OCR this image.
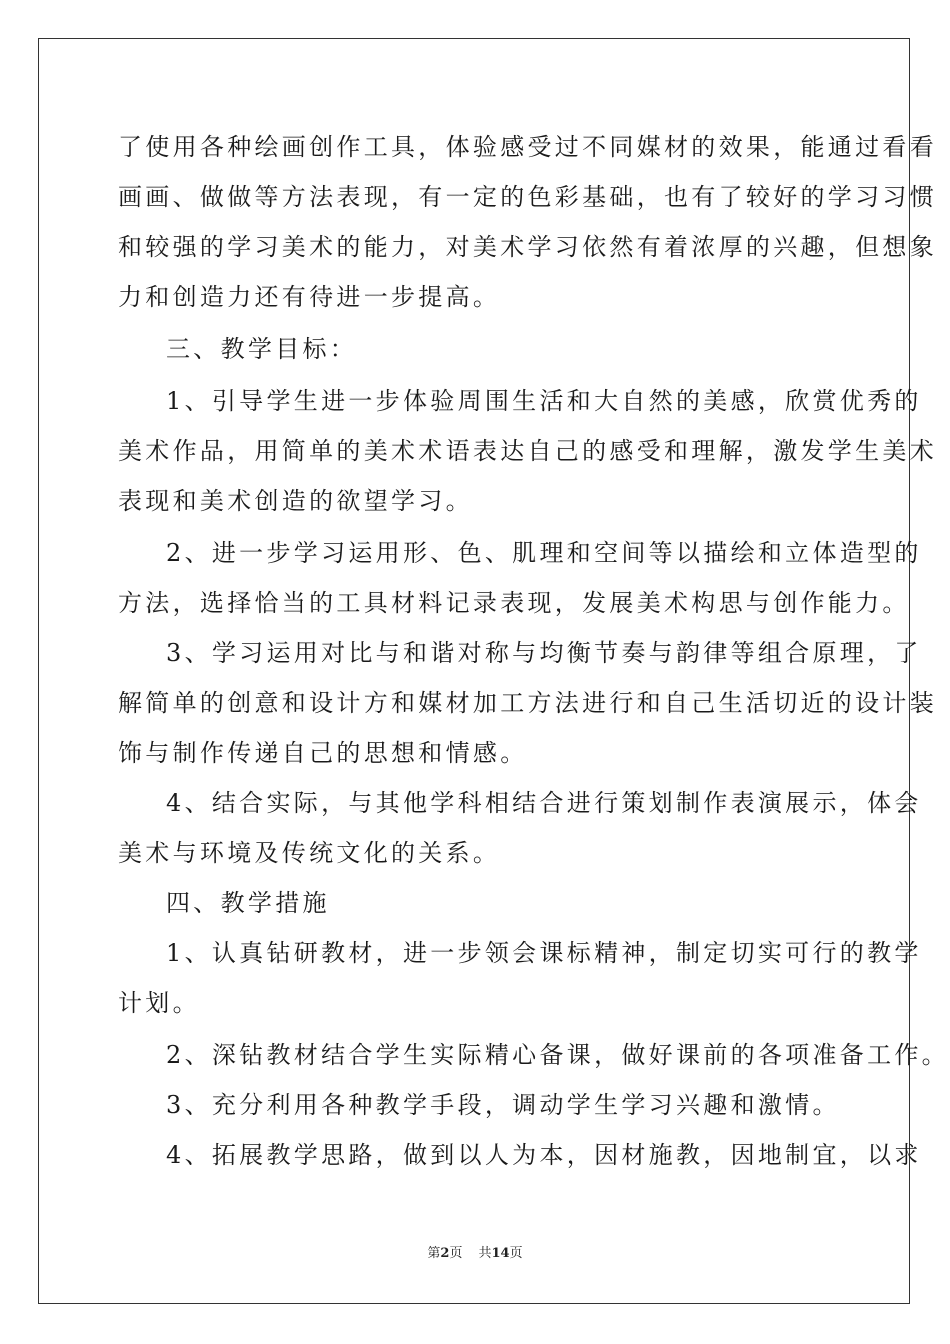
了使用各种绘画创作工具，体验感受过不同媒材的效果，能通过看看
画画、做做等方法表现，有一定的色彩基础，也有了较好的学习习惯
和较强的学习美术的能力，对美术学习依然有着浓厚的兴趣，但想象
力和创造力还有待进一步提高。
三、教学目标：
1、引导学生进一步体验周围生活和大自然的美感，欣赏优秀的
美术作品，用简单的美术术语表达自己的感受和理解，激发学生美术
表现和美术创造的欲望学习。
2、进一步学习运用形、色、肌理和空间等以描绘和立体造型的
方法，选择恰当的工具材料记录表现，发展美术构思与创作能力。
3、学习运用对比与和谐对称与均衡节奏与韵律等组合原理，了
解简单的创意和设计方和媒材加工方法进行和自己生活切近的设计装
饰与制作传递自己的思想和情感。
4、结合实际，与其他学科相结合进行策划制作表演展示，体会
美术与环境及传统文化的关系。
四、教学措施
1、认真钻研教材，进一步领会课标精神，制定切实可行的教学
计划。
2、深钻教材结合学生实际精心备课，做好课前的各项准备工作。
3、充分利用各种教学手段，调动学生学习兴趣和激情。
4、拓展教学思路，做到以人为本，因材施教，因地制宜，以求
第2页 共14页
